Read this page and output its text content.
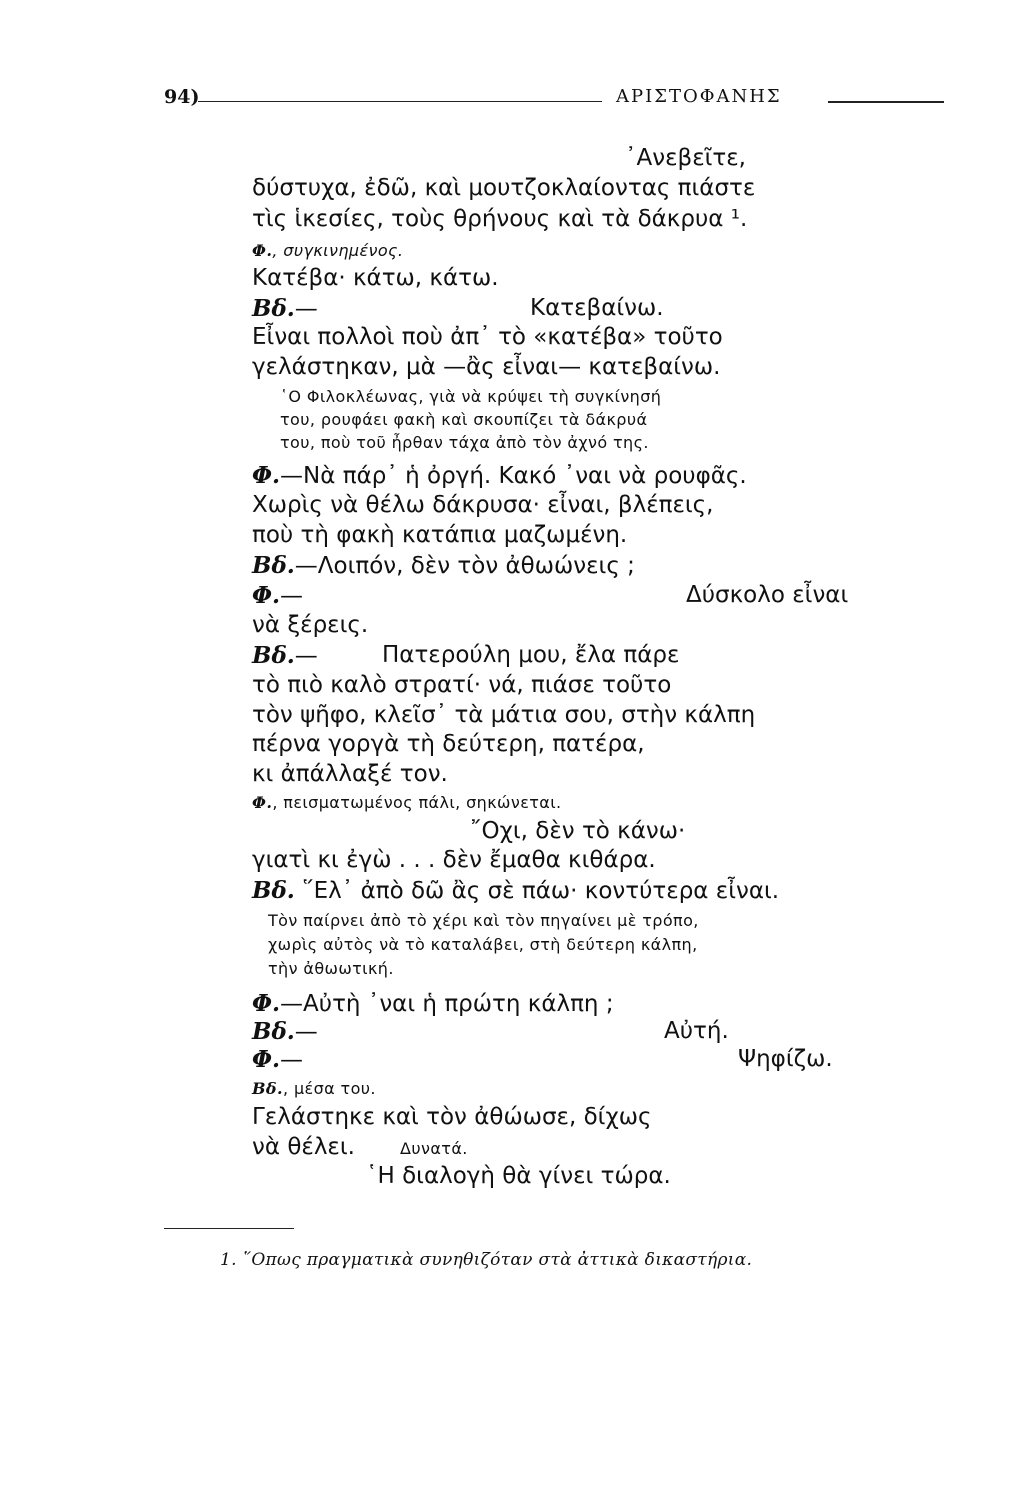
94)	ΑΡΙΣΤΟΦΑΝΗΣ
᾽Ανεβεῖτε,
δύστυχα, ἐδῶ, καὶ μουτζοκλαίοντας πιάστε
τὶς ἱκεσίες, τοὺς θρήνους καὶ τὰ δάκρυα ¹.
Φ., συγκινημένος.
Κατέβα· κάτω, κάτω.
Βδ.—	Κατεβαίνω.
Εἶναι πολλοὶ ποὺ ἀπ᾽ τὸ «κατέβα» τοῦτο
γελάστηκαν, μὰ —ἂς εἶναι— κατεβαίνω.
῾Ο Φιλοκλέωνας, γιὰ νὰ κρύψει τὴ συγκίνησή
του, ρουφάει φακὴ καὶ σκουπίζει τὰ δάκρυά
του, ποὺ τοῦ ἦρθαν τάχα ἀπὸ τὸν ἀχνό της.
Φ.—Νὰ πάρ᾽ ἡ ὀργή. Κακό ᾽ναι νὰ ρουφᾶς.
Χωρὶς νὰ θέλω δάκρυσα· εἶναι, βλέπεις,
ποὺ τὴ φακὴ κατάπια μαζωμένη.
Βδ.—Λοιπόν, δὲν τὸν ἀθωώνεις ;
Φ.—	Δύσκολο εἶναι
νὰ ξέρεις.
Βδ.—	Πατερούλη μου, ἔλα πάρε
τὸ πιὸ καλὸ στρατί· νά, πιάσε τοῦτο
τὸν ψῆφο, κλεῖσ᾽ τὰ μάτια σου, στὴν κάλπη
πέρνα γοργὰ τὴ δεύτερη, πατέρα,
κι ἀπάλλαξέ τον.
Φ., πεισματωμένος πάλι, σηκώνεται.
῎Οχι, δὲν τὸ κάνω·
γιατὶ κι ἐγὼ . . . δὲν ἔμαθα κιθάρα.
Βδ. ῞Ελ᾽ ἀπὸ δῶ ἂς σὲ πάω· κοντύτερα εἶναι.
Τὸν παίρνει ἀπὸ τὸ χέρι καὶ τὸν πηγαίνει μὲ τρόπο,
χωρὶς αὐτὸς νὰ τὸ καταλάβει, στὴ δεύτερη κάλπη,
τὴν ἀθωωτική.
Φ.—Αὐτὴ ᾽ναι ἡ πρώτη κάλπη ;
Βδ.—	Αὐτή.
Φ.—	Ψηφίζω.
Βδ., μέσα του.
Γελάστηκε καὶ τὸν ἀθώωσε, δίχως
νὰ θέλει.	Δυνατά.
῾Η διαλογὴ θὰ γίνει τώρα.
1. ῞Οπως πραγματικὰ συνηθιζόταν στὰ ἀττικὰ δικαστήρια.
